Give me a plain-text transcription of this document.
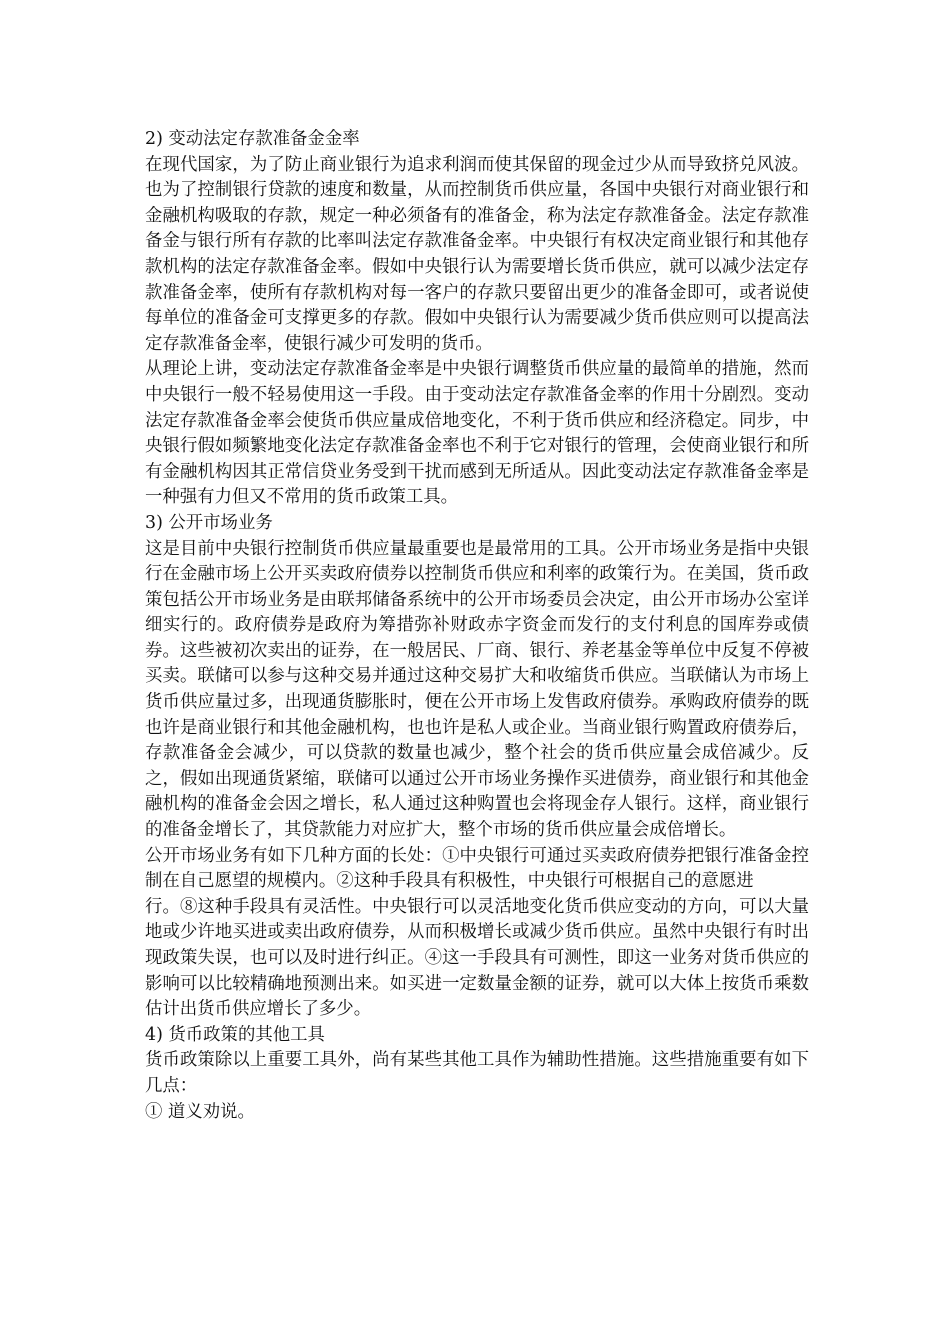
2) 变动法定存款准备金金率

在现代国家，为了防止商业银行为追求利润而使其保留的现金过少从而导致挤兑风波。也为了控制银行贷款的速度和数量，从而控制货币供应量，各国中央银行对商业银行和金融机构吸取的存款，规定一种必须备有的准备金，称为法定存款准备金。法定存款准备金与银行所有存款的比率叫法定存款准备金率。中央银行有权决定商业银行和其他存款机构的法定存款准备金率。假如中央银行认为需要增长货币供应，就可以减少法定存款准备金率，使所有存款机构对每一客户的存款只要留出更少的准备金即可，或者说使每单位的准备金可支撑更多的存款。假如中央银行认为需要减少货币供应则可以提高法定存款准备金率，使银行减少可发明的货币。

从理论上讲，变动法定存款准备金率是中央银行调整货币供应量的最简单的措施，然而中央银行一般不轻易使用这一手段。由于变动法定存款准备金率的作用十分剧烈。变动法定存款准备金率会使货币供应量成倍地变化，不利于货币供应和经济稳定。同步，中央银行假如频繁地变化法定存款准备金率也不利于它对银行的管理，会使商业银行和所有金融机构因其正常信贷业务受到干扰而感到无所适从。因此变动法定存款准备金率是一种强有力但又不常用的货币政策工具。

3) 公开市场业务

这是目前中央银行控制货币供应量最重要也是最常用的工具。公开市场业务是指中央银行在金融市场上公开买卖政府债券以控制货币供应和利率的政策行为。在美国，货币政策包括公开市场业务是由联邦储备系统中的公开市场委员会决定，由公开市场办公室详细实行的。政府债券是政府为筹措弥补财政赤字资金而发行的支付利息的国库券或债券。这些被初次卖出的证券，在一般居民、厂商、银行、养老基金等单位中反复不停被买卖。联储可以参与这种交易并通过这种交易扩大和收缩货币供应。当联储认为市场上货币供应量过多，出现通货膨胀时，便在公开市场上发售政府债券。承购政府债券的既也许是商业银行和其他金融机构，也也许是私人或企业。当商业银行购置政府债券后，存款准备金会减少，可以贷款的数量也减少，整个社会的货币供应量会成倍减少。反之，假如出现通货紧缩，联储可以通过公开市场业务操作买进债券，商业银行和其他金融机构的准备金会因之增长，私人通过这种购置也会将现金存人银行。这样，商业银行的准备金增长了，其贷款能力对应扩大，整个市场的货币供应量会成倍增长。

公开市场业务有如下几种方面的长处：①中央银行可通过买卖政府债券把银行准备金控制在自己愿望的规模内。②这种手段具有积极性，中央银行可根据自己的意愿进

行。⑧这种手段具有灵活性。中央银行可以灵活地变化货币供应变动的方向，可以大量地或少许地买进或卖出政府债券，从而积极增长或减少货币供应。虽然中央银行有时出现政策失误，也可以及时进行纠正。④这一手段具有可测性，即这一业务对货币供应的影响可以比较精确地预测出来。如买进一定数量金额的证券，就可以大体上按货币乘数估计出货币供应增长了多少。

4) 货币政策的其他工具

货币政策除以上重要工具外，尚有某些其他工具作为辅助性措施。这些措施重要有如下几点：

① 道义劝说。
